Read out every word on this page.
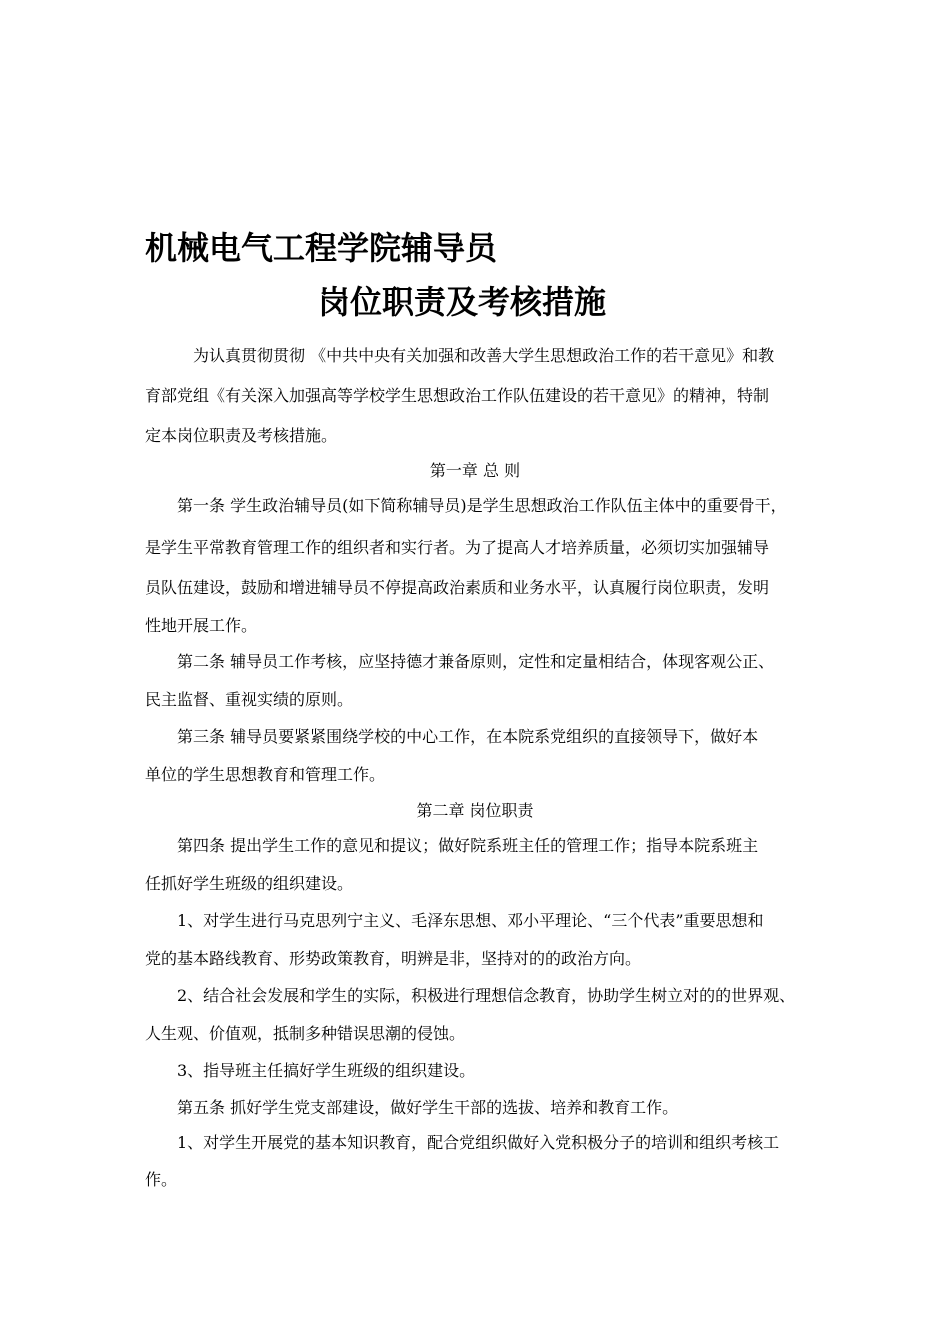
机械电气工程学院辅导员
岗位职责及考核措施
为认真贯彻贯彻 《中共中央有关加强和改善大学生思想政治工作的若干意见》和教
育部党组《有关深入加强高等学校学生思想政治工作队伍建设的若干意见》的精神，特制
定本岗位职责及考核措施。
第一章 总 则
第一条 学生政治辅导员(如下简称辅导员)是学生思想政治工作队伍主体中的重要骨干，
是学生平常教育管理工作的组织者和实行者。为了提高人才培养质量，必须切实加强辅导
员队伍建设，鼓励和增进辅导员不停提高政治素质和业务水平，认真履行岗位职责，发明
性地开展工作。
第二条 辅导员工作考核，应坚持德才兼备原则，定性和定量相结合，体现客观公正、
民主监督、重视实绩的原则。
第三条 辅导员要紧紧围绕学校的中心工作，在本院系党组织的直接领导下，做好本
单位的学生思想教育和管理工作。
第二章 岗位职责
第四条 提出学生工作的意见和提议；做好院系班主任的管理工作；指导本院系班主
任抓好学生班级的组织建设。
1、对学生进行马克思列宁主义、毛泽东思想、邓小平理论、“三个代表”重要思想和
党的基本路线教育、形势政策教育，明辨是非，坚持对的的政治方向。
2、结合社会发展和学生的实际，积极进行理想信念教育，协助学生树立对的的世界观、
人生观、价值观，抵制多种错误思潮的侵蚀。
3、指导班主任搞好学生班级的组织建设。
第五条 抓好学生党支部建设，做好学生干部的选拔、培养和教育工作。
1、对学生开展党的基本知识教育，配合党组织做好入党积极分子的培训和组织考核工
作。
